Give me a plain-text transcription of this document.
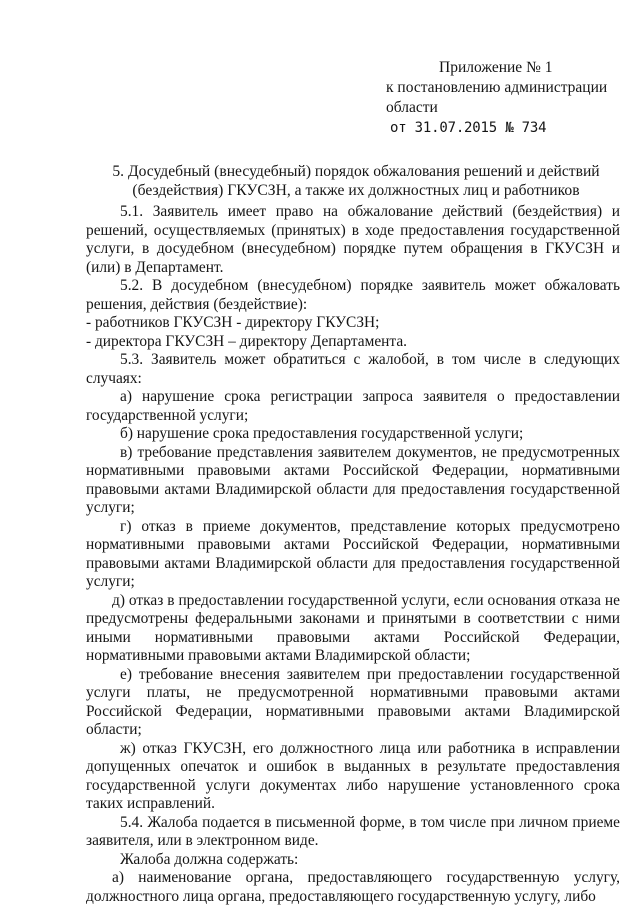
Приложение № 1
к постановлению администрации
области
от 31.07.2015 № 734
5. Досудебный (внесудебный) порядок обжалования решений и действий (бездействия) ГКУСЗН, а также их должностных лиц и работников

5.1. Заявитель имеет право на обжалование действий (бездействия) и решений, осуществляемых (принятых) в ходе предоставления государственной услуги, в досудебном (внесудебном) порядке путем обращения в ГКУСЗН и (или) в Департамент.

5.2. В досудебном (внесудебном) порядке заявитель может обжаловать решения, действия (бездействие):

- работников ГКУСЗН - директору ГКУСЗН;

- директора ГКУСЗН – директору Департамента.

5.3. Заявитель может обратиться с жалобой, в том числе в следующих случаях:

а) нарушение срока регистрации запроса заявителя о предоставлении государственной услуги;

б) нарушение срока предоставления государственной услуги;

в) требование представления заявителем документов, не предусмотренных нормативными правовыми актами Российской Федерации, нормативными правовыми актами Владимирской области для предоставления государственной услуги;

г) отказ в приеме документов, представление которых предусмотрено нормативными правовыми актами Российской Федерации, нормативными правовыми актами Владимирской области для предоставления государственной услуги;

д) отказ в предоставлении государственной услуги, если основания отказа не предусмотрены федеральными законами и принятыми в соответствии с ними иными нормативными правовыми актами Российской Федерации, нормативными правовыми актами Владимирской области;

е) требование внесения заявителем при предоставлении государственной услуги платы, не предусмотренной нормативными правовыми актами Российской Федерации, нормативными правовыми актами Владимирской области;

ж) отказ ГКУСЗН, его должностного лица или работника в исправлении допущенных опечаток и ошибок в выданных в результате предоставления государственной услуги документах либо нарушение установленного срока таких исправлений.

5.4. Жалоба подается в письменной форме, в том числе при личном приеме заявителя, или в электронном виде.

Жалоба должна содержать:

а) наименование органа, предоставляющего государственную услугу, должностного лица органа, предоставляющего государственную услугу, либо
